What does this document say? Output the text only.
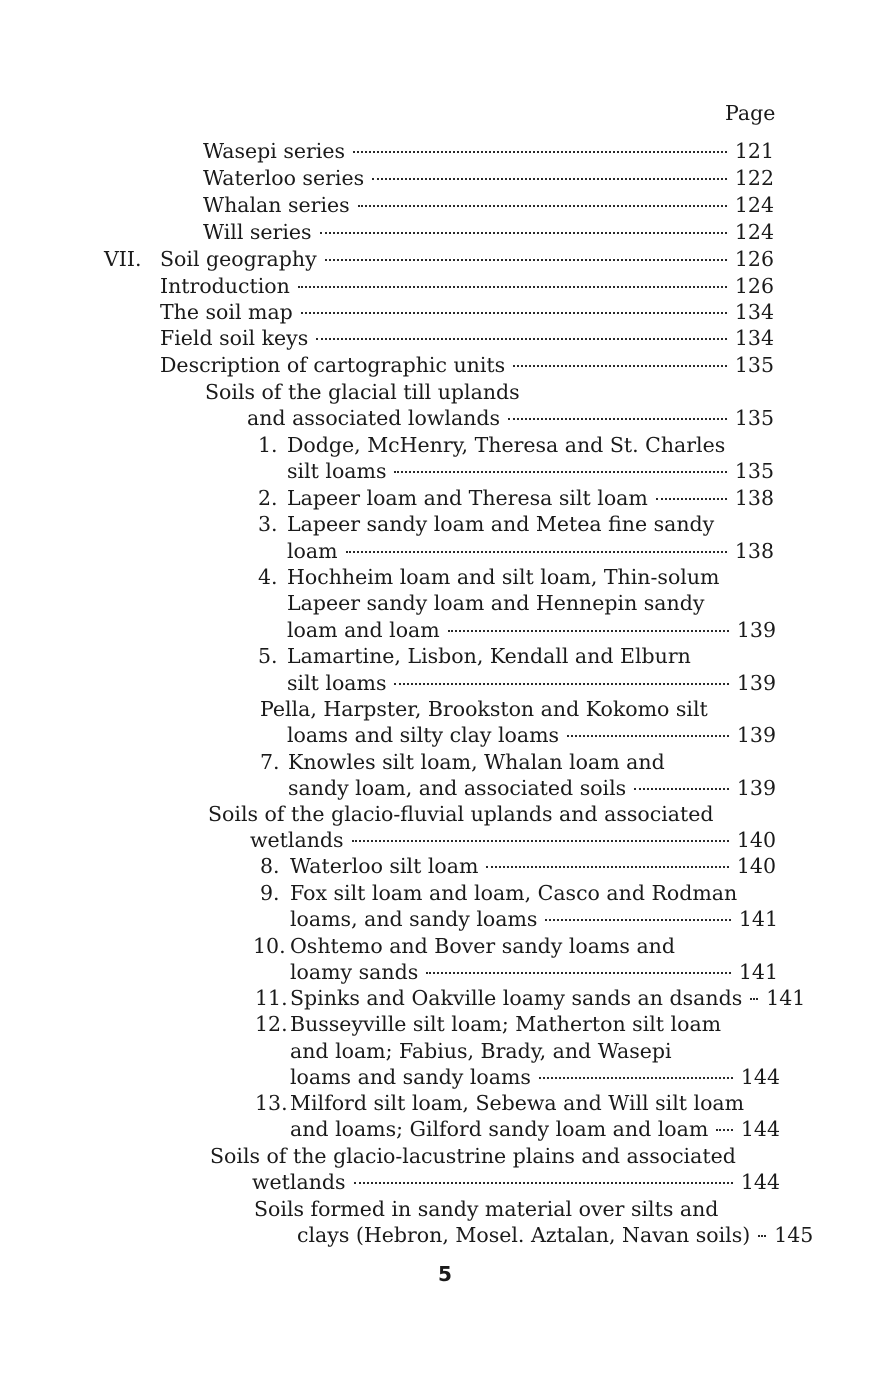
Page
Wasepi series	121
Waterloo series	122
Whalan series	124
Will series	124
VII. Soil geography	126
Introduction	126
The soil map	134
Field soil keys	134
Description of cartographic units	135
Soils of the glacial till uplands
and associated lowlands	135
1. Dodge, McHenry, Theresa and St. Charles
silt loams	135
2. Lapeer loam and Theresa silt loam	138
3. Lapeer sandy loam and Metea fine sandy
loam	138
4. Hochheim loam and silt loam, Thin-solum
Lapeer sandy loam and Hennepin sandy
loam and loam	139
5. Lamartine, Lisbon, Kendall and Elburn
silt loams	139
Pella, Harpster, Brookston and Kokomo silt
loams and silty clay loams	139
7. Knowles silt loam, Whalan loam and
sandy loam, and associated soils	139
Soils of the glacio-fluvial uplands and associated
wetlands	140
8. Waterloo silt loam	140
9. Fox silt loam and loam, Casco and Rodman
loams, and sandy loams	141
10. Oshtemo and Bover sandy loams and
loamy sands	141
11. Spinks and Oakville loamy sands an dsands 141
12. Busseyville silt loam; Matherton silt loam
and loam; Fabius, Brady, and Wasepi
loams and sandy loams	144
13. Milford silt loam, Sebewa and Will silt loam
and loams; Gilford sandy loam and loam 144
Soils of the glacio-lacustrine plains and associated
wetlands	144
Soils formed in sandy material over silts and
clays (Hebron, Mosel. Aztalan, Navan soils) 145
5
